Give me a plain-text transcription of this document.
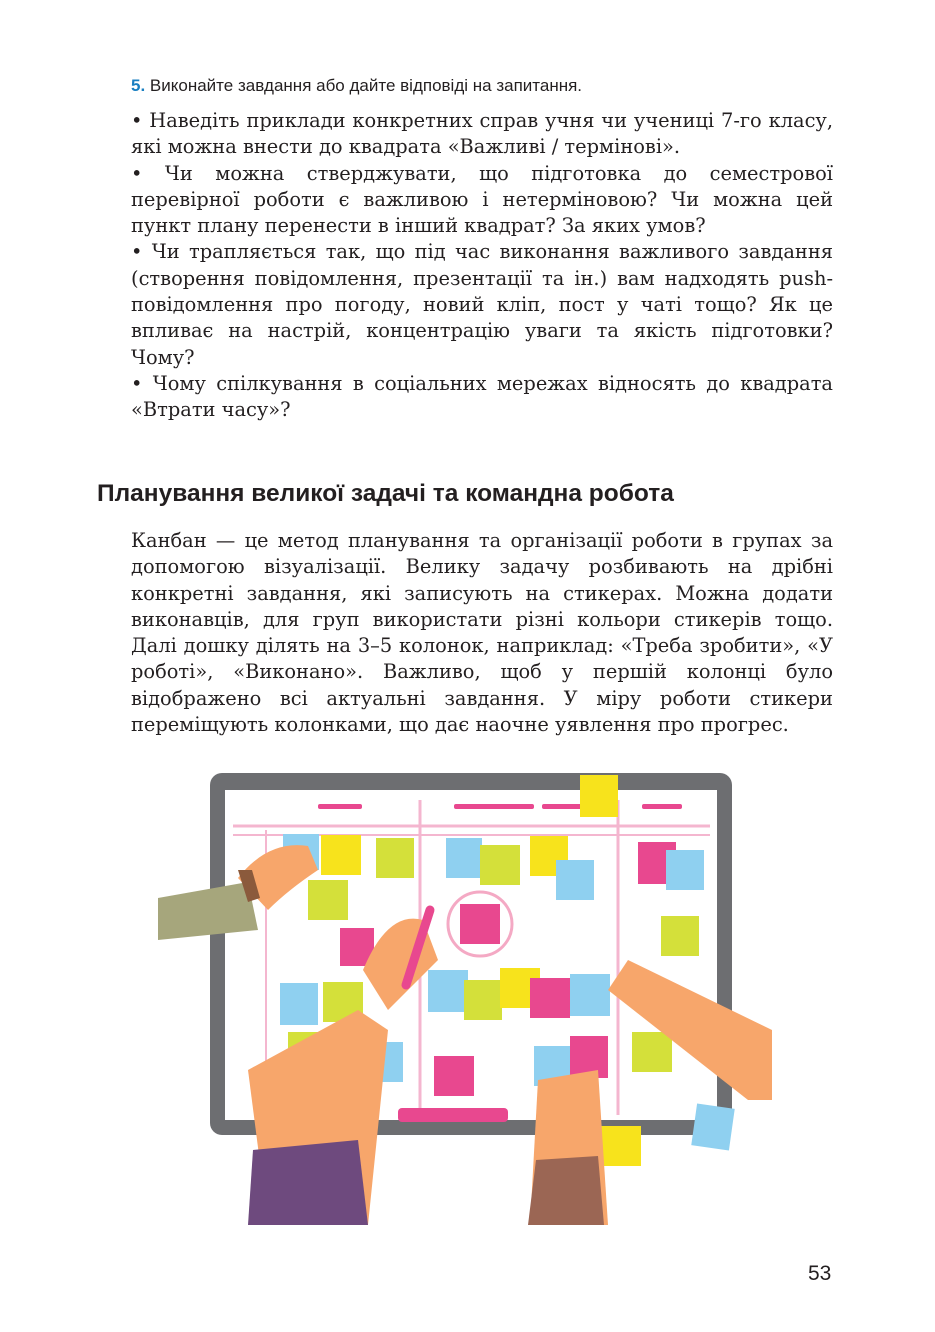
5. Виконайте завдання або дайте відповіді на запитання.

• Наведіть приклади конкретних справ учня чи учениці 7-го класу, які можна внести до квадрата «Важливі / термінові».

• Чи можна стверджувати, що підготовка до семестрової перевірної роботи є важливою і нетерміновою? Чи можна цей пункт плану перенести в інший квадрат? За яких умов?

• Чи трапляється так, що під час виконання важливого завдання (створення повідомлення, презентації та ін.) вам надходять push-повідомлення про погоду, новий кліп, пост у чаті тощо? Як це впливає на настрій, концентрацію уваги та якість підготовки? Чому?

• Чому спілкування в соціальних мережах відносять до квадрата «Втрати часу»?

Планування великої задачі та командна робота

Канбан — це метод планування та організації роботи в групах за допомогою візуалізації. Велику задачу розбивають на дрібні конкретні завдання, які записують на стикерах. Можна додати виконавців, для груп використати різні кольори стикерів тощо. Далі дошку ділять на 3–5 колонок, наприклад: «Треба зробити», «У роботі», «Виконано». Важливо, щоб у першій колонці було відображено всі актуальні завдання. У міру роботи стикери переміщують колонками, що дає наочне уявлення про прогрес.

53
